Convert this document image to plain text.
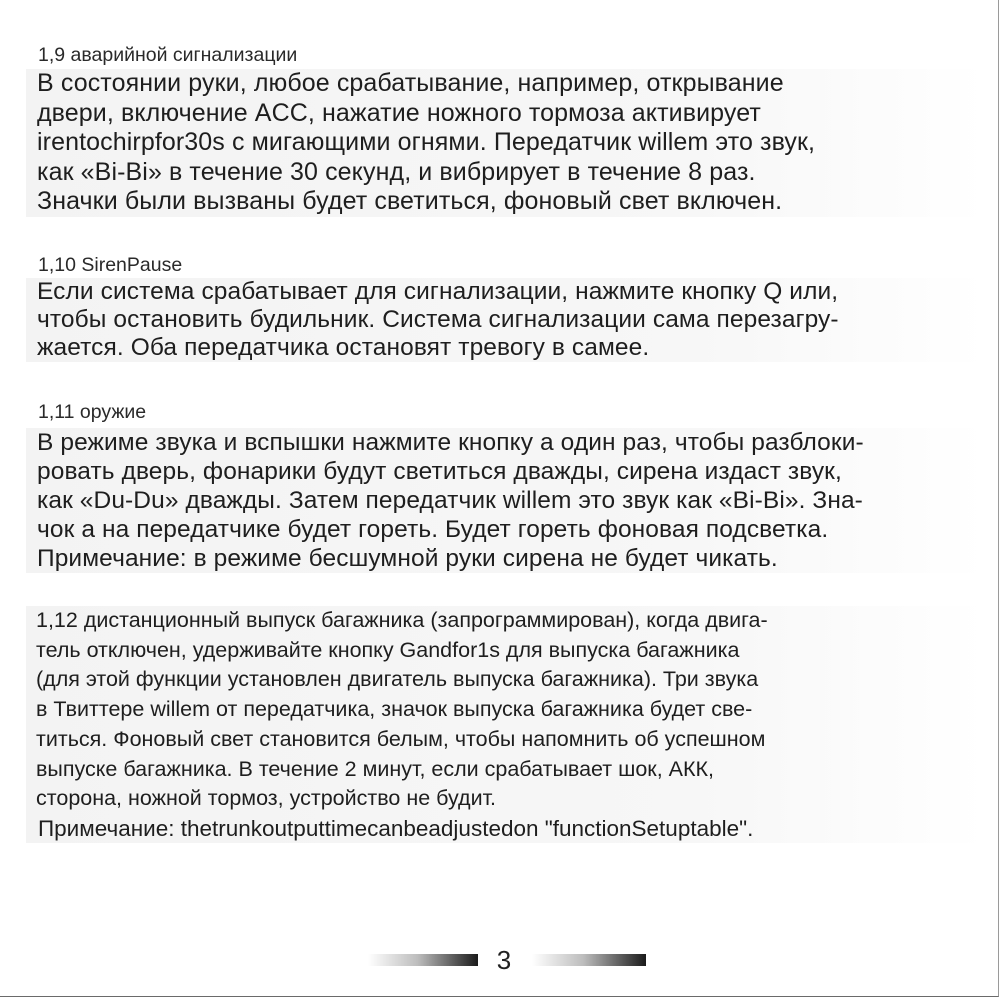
1,9 аварийной сигнализации
В состоянии руки, любое срабатывание, например, открывание
двери, включение ACC, нажатие ножного тормоза активирует
irentochirpfor30s с мигающими огнями. Передатчик willem это звук,
как «Bi-Bi» в течение 30 секунд, и вибрирует в течение 8 раз.
Значки были вызваны будет светиться, фоновый свет включен.
1,10 SirenPause
Если система срабатывает для сигнализации, нажмите кнопку Q или,
чтобы остановить будильник. Система сигнализации сама перезагру-
жается. Оба передатчика остановят тревогу в самее.
1,11 оружие
В режиме звука и вспышки нажмите кнопку а один раз, чтобы разблоки-
ровать дверь, фонарики будут светиться дважды, сирена издаст звук,
как «Du-Du» дважды. Затем передатчик willem это звук как «Bi-Bi». Зна-
чок а на передатчике будет гореть. Будет гореть фоновая подсветка.
Примечание: в режиме бесшумной руки сирена не будет чикать.
1,12 дистанционный выпуск багажника (запрограммирован), когда двига-
тель отключен, удерживайте кнопку Gandfor1s для выпуска багажника
(для этой функции установлен двигатель выпуска багажника). Три звука
в Твиттере willem от передатчика, значок выпуска багажника будет све-
титься. Фоновый свет становится белым, чтобы напомнить об успешном
выпуске багажника. В течение 2 минут, если срабатывает шок, АКК,
сторона, ножной тормоз, устройство не будит.
Примечание: thetrunkoutputtimecanbeadjustedon "functionSetuptable".
3
